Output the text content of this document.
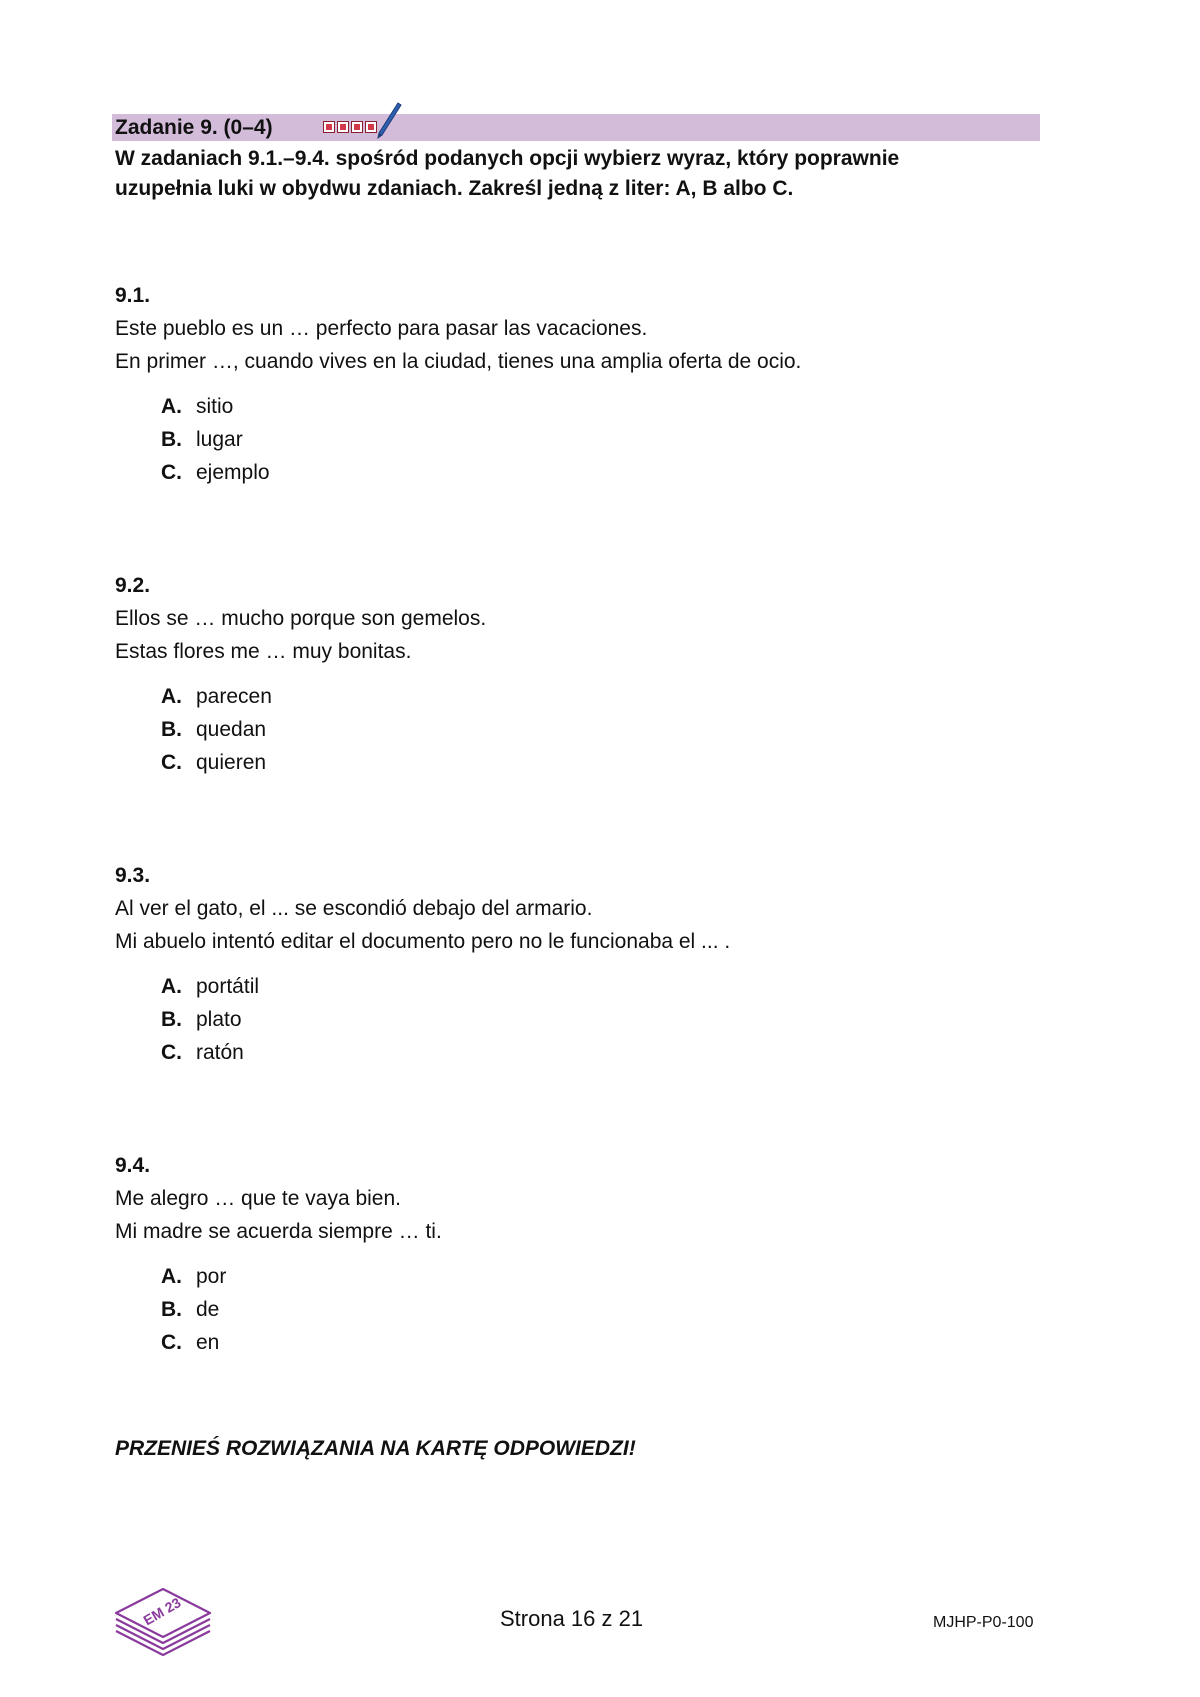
Zadanie 9. (0–4)

W zadaniach 9.1.–9.4. spośród podanych opcji wybierz wyraz, który poprawnie
uzupełnia luki w obydwu zdaniach. Zakreśl jedną z liter: A, B albo C.

9.1.
Este pueblo es un … perfecto para pasar las vacaciones.
En primer …, cuando vives en la ciudad, tienes una amplia oferta de ocio.
A. sitio
B. lugar
C. ejemplo
9.2.
Ellos se … mucho porque son gemelos.
Estas flores me … muy bonitas.
A. parecen
B. quedan
C. quieren
9.3.
Al ver el gato, el ... se escondió debajo del armario.
Mi abuelo intentó editar el documento pero no le funcionaba el ... .
A. portátil
B. plato
C. ratón
9.4.
Me alegro … que te vaya bien.
Mi madre se acuerda siempre … ti.
A. por
B. de
C. en
PRZENIEŚ ROZWIĄZANIA NA KARTĘ ODPOWIEDZI!
EM 23	Strona 16 z 21	MJHP-P0-100
